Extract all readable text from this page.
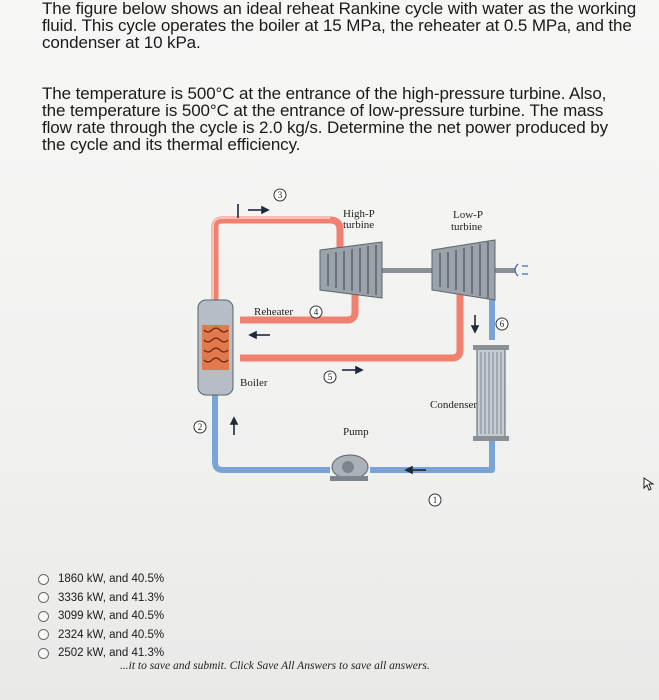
The figure below shows an ideal reheat Rankine cycle with water as the working fluid. This cycle operates the boiler at 15 MPa, the reheater at 0.5 MPa, and the condenser at 10 kPa.

The temperature is 500°C at the entrance of the high-pressure turbine. Also, the temperature is 500°C at the entrance of low-pressure turbine. The mass flow rate through the cycle is 2.0 kg/s. Determine the net power produced by the cycle and its thermal efficiency.

High-P
turbine
Low-P
turbine
Reheater
Boiler
Condenser
Pump
3
4
5
6
2
1
1860 kW, and 40.5%
3336 kW, and 41.3%
3099 kW, and 40.5%
2324 kW, and 40.5%
2502 kW, and 41.3%
...it to save and submit. Click Save All Answers to save all answers.
